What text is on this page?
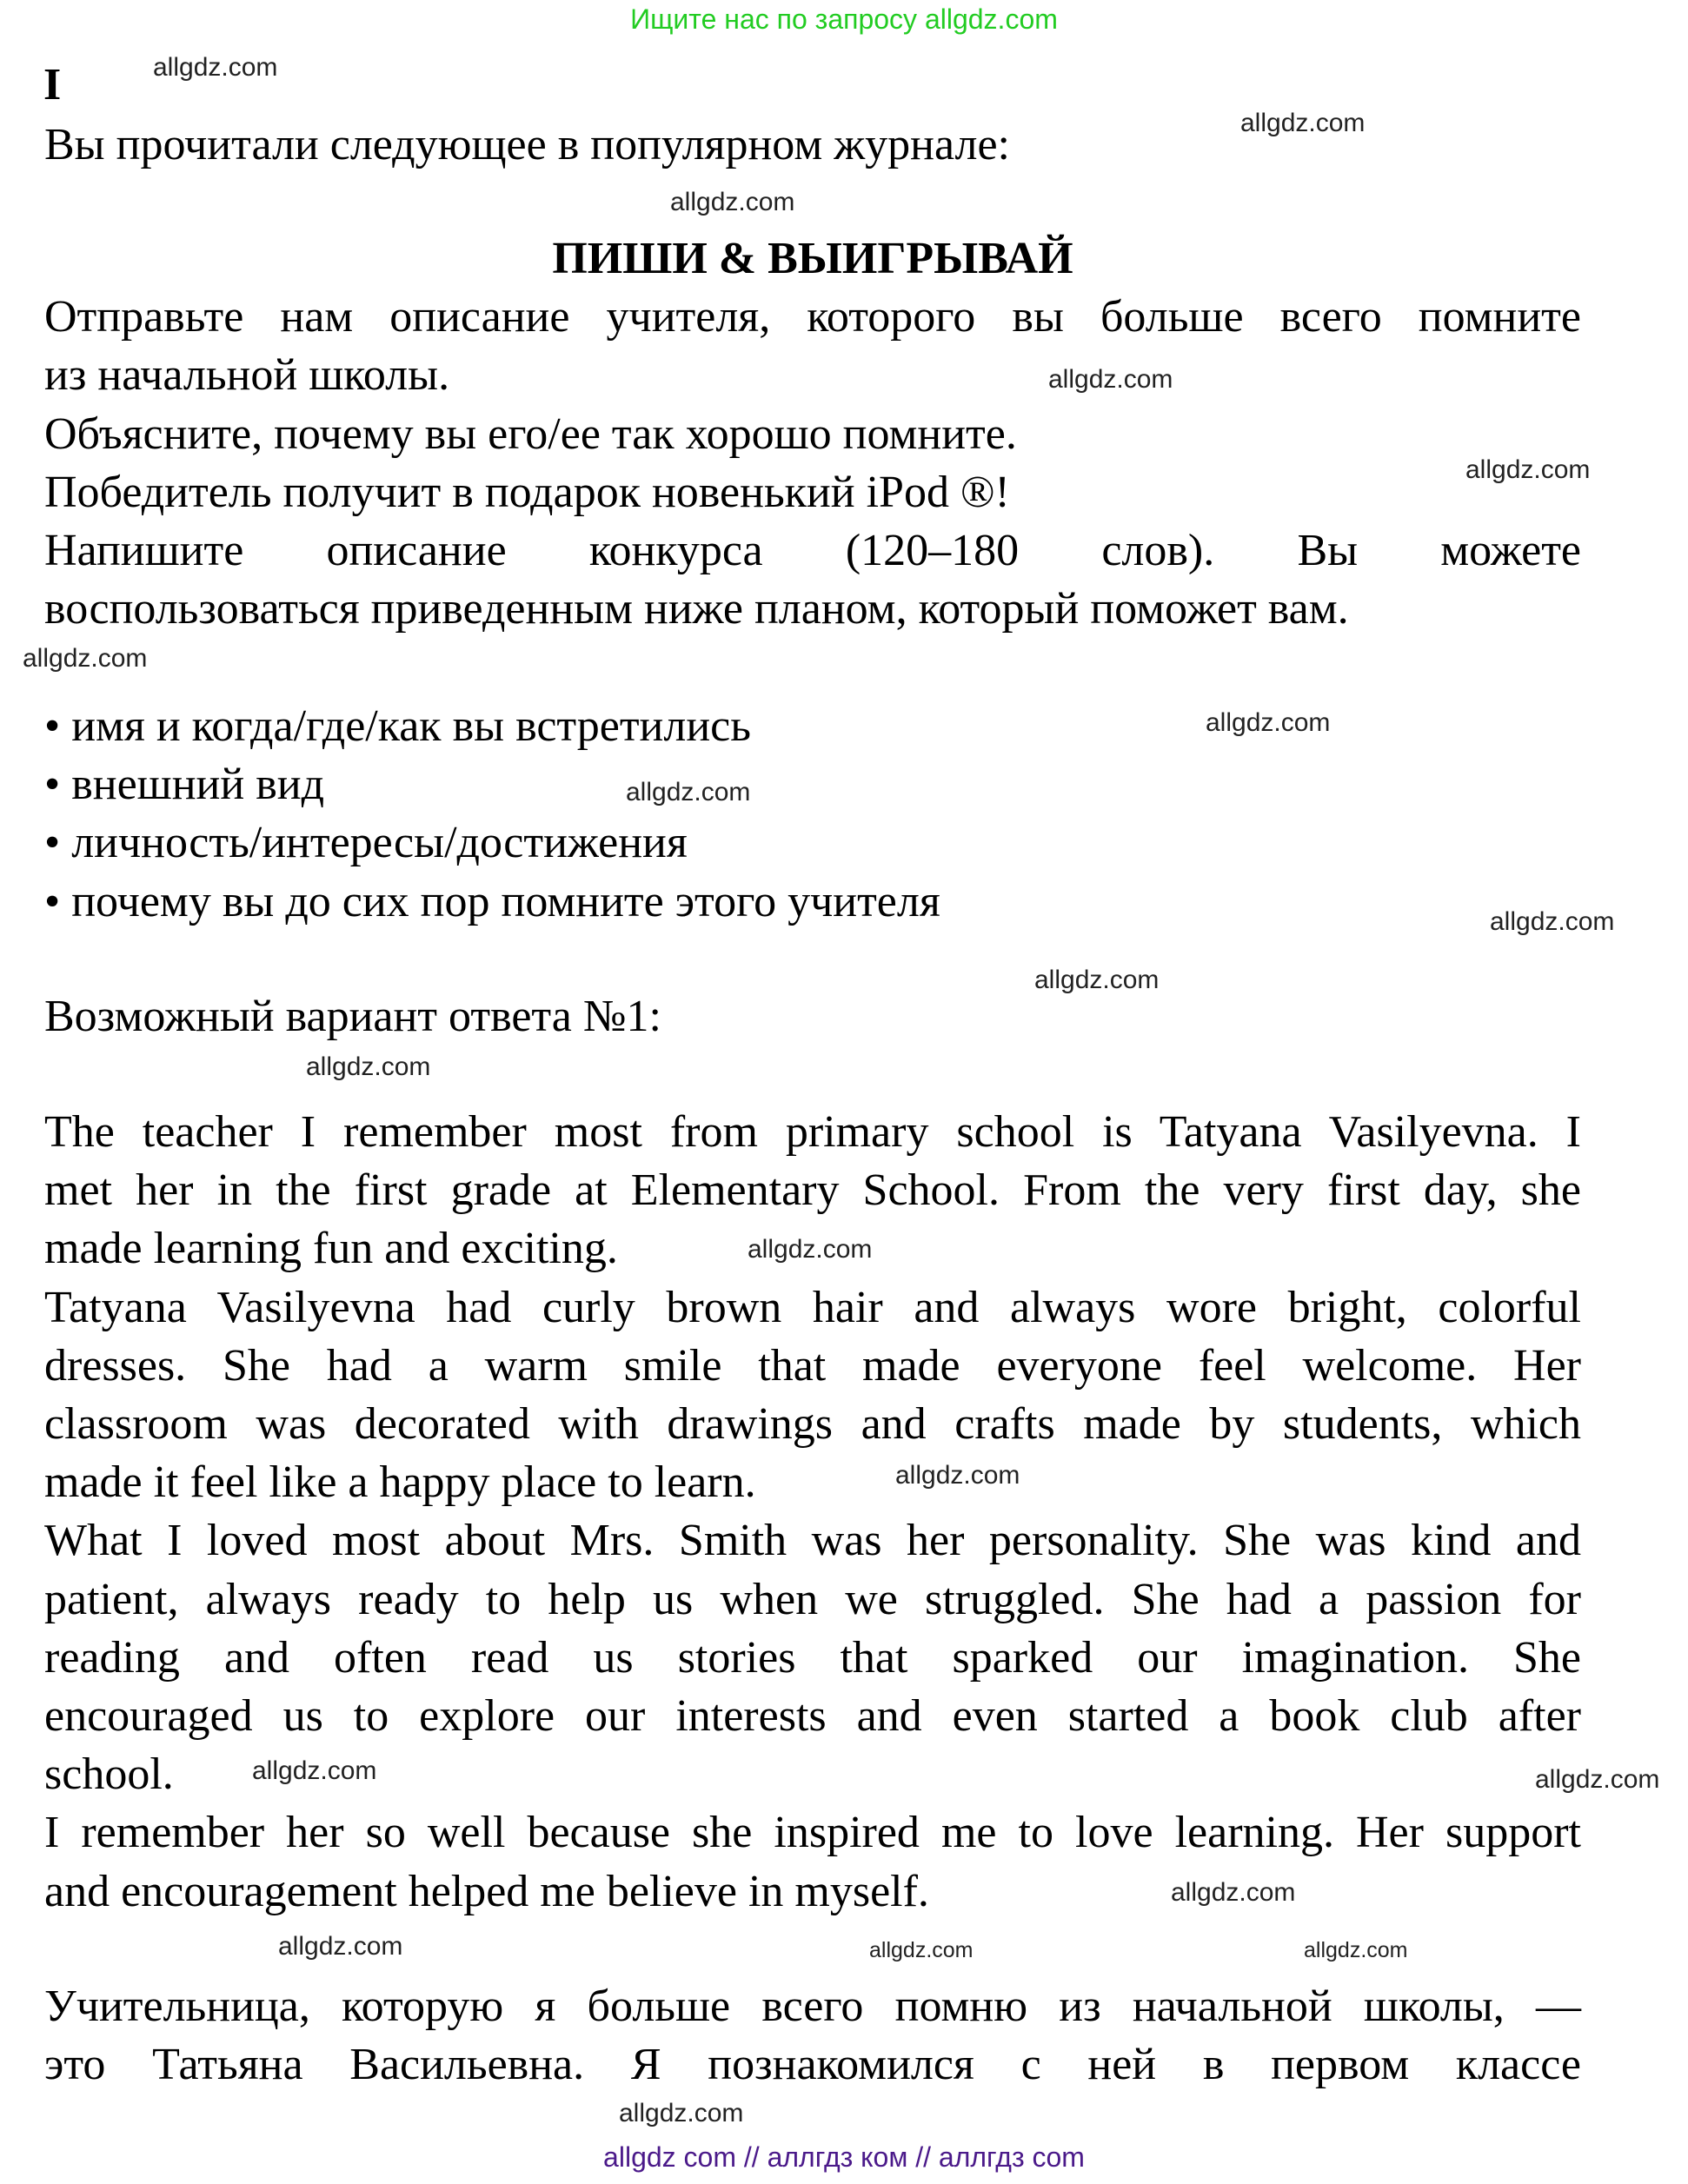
Ищите нас по запросу allgdz.com
I
Вы прочитали следующее в популярном журнале:
ПИШИ & ВЫИГРЫВАЙ
Отправьте нам описание учителя, которого вы больше всего помните
из начальной школы.
Объясните, почему вы его/ее так хорошо помните.
Победитель получит в подарок новенький iPod ®!
Напишите описание конкурса (120–180 слов). Вы можете
воспользоваться приведенным ниже планом, который поможет вам.
• имя и когда/где/как вы встретились
• внешний вид
• личность/интересы/достижения
• почему вы до сих пор помните этого учителя
Возможный вариант ответа №1:
The teacher I remember most from primary school is Tatyana Vasilyevna. I
met her in the first grade at Elementary School. From the very first day, she
made learning fun and exciting.
Tatyana Vasilyevna had curly brown hair and always wore bright, colorful
dresses. She had a warm smile that made everyone feel welcome. Her
classroom was decorated with drawings and crafts made by students, which
made it feel like a happy place to learn.
What I loved most about Mrs. Smith was her personality. She was kind and
patient, always ready to help us when we struggled. She had a passion for
reading and often read us stories that sparked our imagination. She
encouraged us to explore our interests and even started a book club after
school.
I remember her so well because she inspired me to love learning. Her support
and encouragement helped me believe in myself.
Учительница, которую я больше всего помню из начальной школы, —
это Татьяна Васильевна. Я познакомился с ней в первом классе
allgdz.com
allgdz.com
allgdz.com
allgdz.com
allgdz.com
allgdz.com
allgdz.com
allgdz.com
allgdz.com
allgdz.com
allgdz.com
allgdz.com
allgdz.com
allgdz.com	allgdz.com
allgdz.com	allgdz.com
allgdz.com
allgdz.com
allgdz.com
allgdz com // аллгдз ком // аллгдз com
